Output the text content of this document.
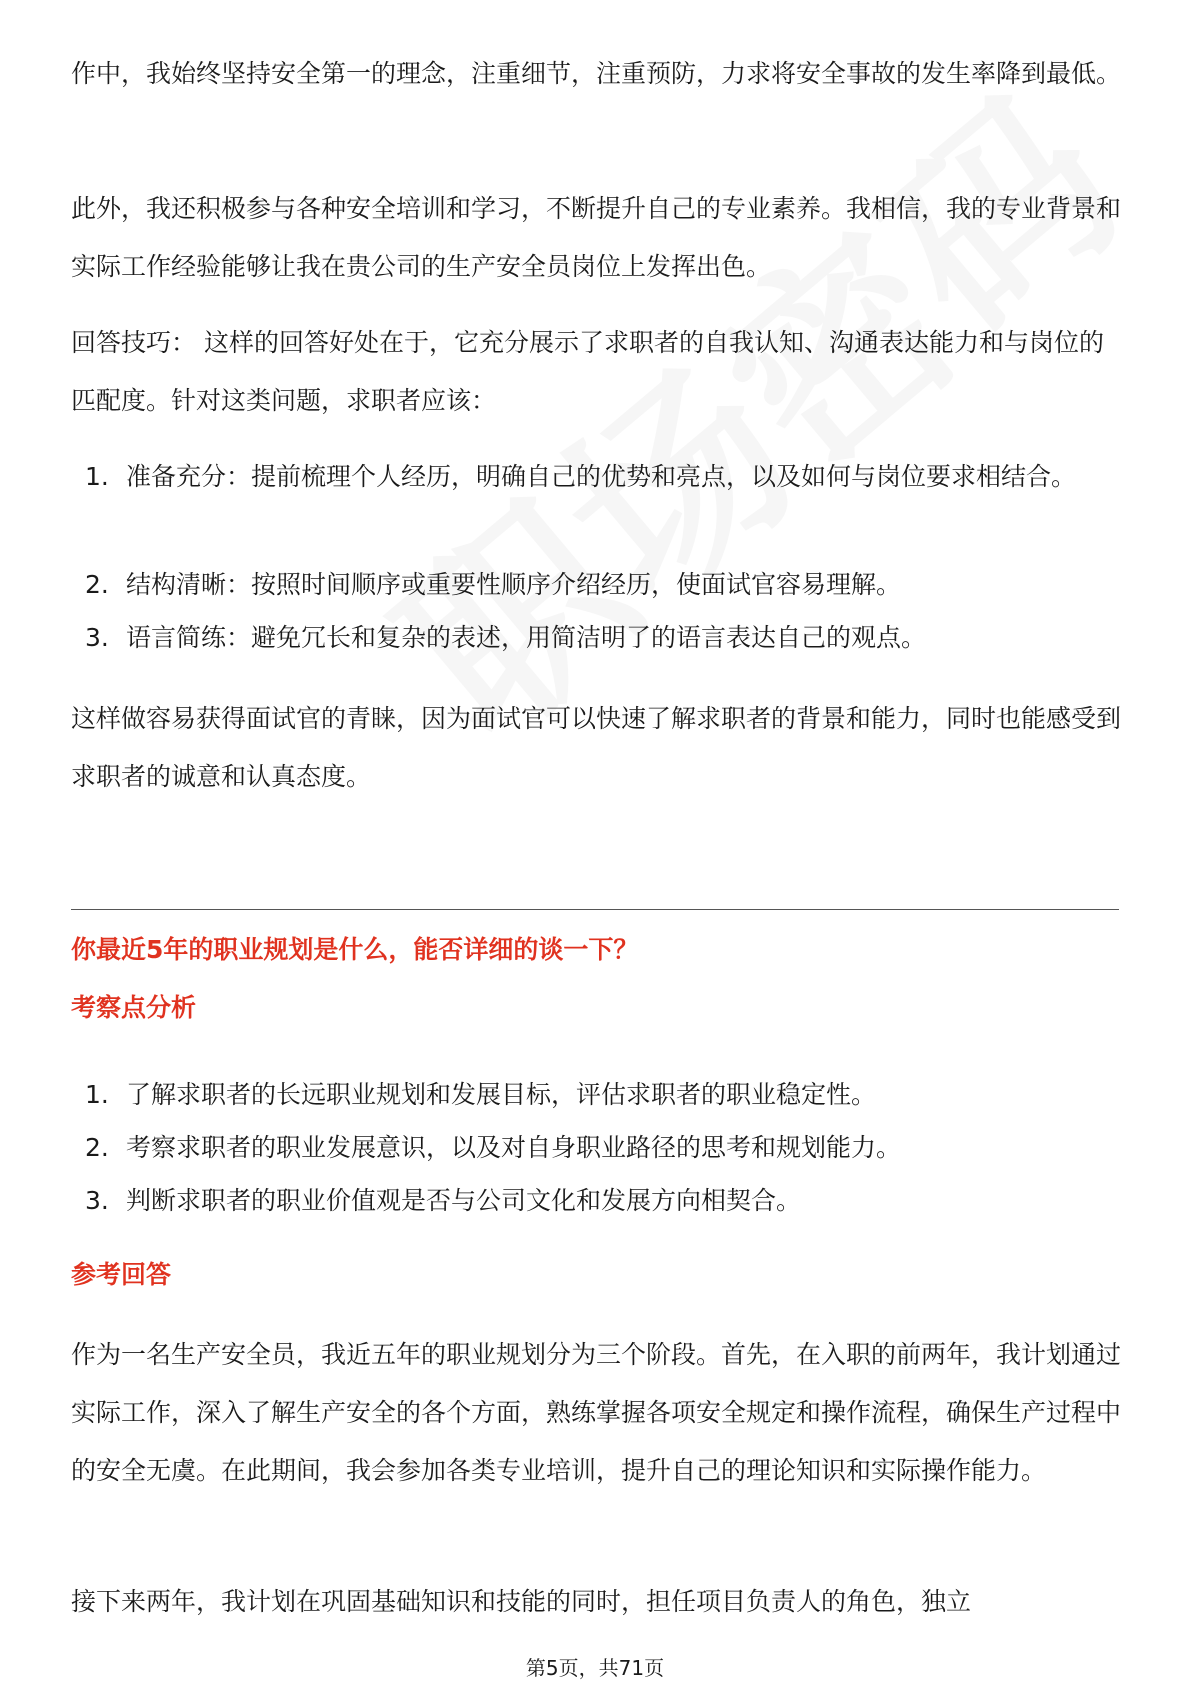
作中，我始终坚持安全第一的理念，注重细节，注重预防，力求将安全事故的发生率降到最低。

此外，我还积极参与各种安全培训和学习，不断提升自己的专业素养。我相信，我的专业背景和实际工作经验能够让我在贵公司的生产安全员岗位上发挥出色。

回答技巧： 这样的回答好处在于，它充分展示了求职者的自我认知、沟通表达能力和与岗位的匹配度。针对这类问题，求职者应该：

1. 准备充分：提前梳理个人经历，明确自己的优势和亮点，以及如何与岗位要求相结合。
2. 结构清晰：按照时间顺序或重要性顺序介绍经历，使面试官容易理解。
3. 语言简练：避免冗长和复杂的表述，用简洁明了的语言表达自己的观点。

这样做容易获得面试官的青睐，因为面试官可以快速了解求职者的背景和能力，同时也能感受到求职者的诚意和认真态度。

你最近5年的职业规划是什么，能否详细的谈一下？

考察点分析

1. 了解求职者的长远职业规划和发展目标，评估求职者的职业稳定性。
2. 考察求职者的职业发展意识，以及对自身职业路径的思考和规划能力。
3. 判断求职者的职业价值观是否与公司文化和发展方向相契合。

参考回答

作为一名生产安全员，我近五年的职业规划分为三个阶段。首先，在入职的前两年，我计划通过实际工作，深入了解生产安全的各个方面，熟练掌握各项安全规定和操作流程，确保生产过程中的安全无虞。在此期间，我会参加各类专业培训，提升自己的理论知识和实际操作能力。

接下来两年，我计划在巩固基础知识和技能的同时，担任项目负责人的角色，独立

第5页，共71页
